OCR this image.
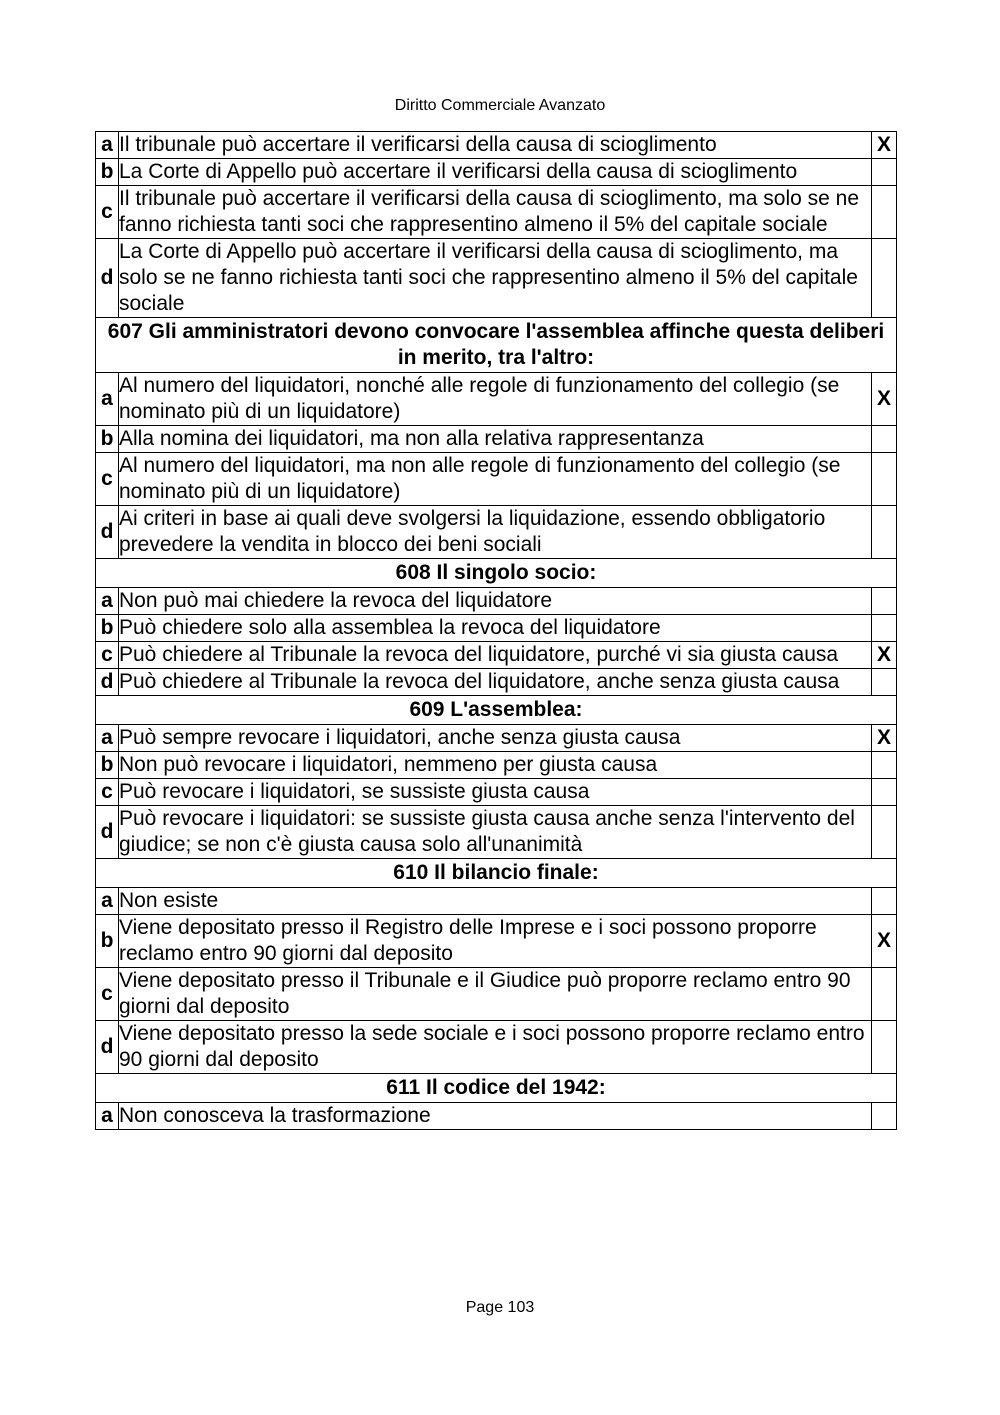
Diritto Commerciale Avanzato
a	Il tribunale può accertare il verificarsi della causa di scioglimento	X
b	La Corte di Appello può accertare il verificarsi della causa di scioglimento	
c	Il tribunale può accertare il verificarsi della causa di scioglimento, ma solo se ne fanno richiesta tanti soci che rappresentino almeno il 5% del capitale sociale	
d	La Corte di Appello può accertare il verificarsi della causa di scioglimento, ma solo se ne fanno richiesta tanti soci che rappresentino almeno il 5% del capitale sociale	
607 Gli amministratori devono convocare l'assemblea affinche questa deliberi in merito, tra l'altro:		
a	Al numero del liquidatori, nonché alle regole di funzionamento del collegio (se nominato più di un liquidatore)	X
b	Alla nomina dei liquidatori, ma non alla relativa rappresentanza	
c	Al numero del liquidatori, ma non alle regole di funzionamento del collegio (se nominato più di un liquidatore)	
d	Ai criteri in base ai quali deve svolgersi la liquidazione, essendo obbligatorio prevedere la vendita in blocco dei beni sociali	
608 Il singolo socio:		
a	Non può mai chiedere la revoca del liquidatore	
b	Può chiedere solo alla assemblea la revoca del liquidatore	
c	Può chiedere al Tribunale la revoca del liquidatore, purché vi sia giusta causa	X
d	Può chiedere al Tribunale la revoca del liquidatore, anche senza giusta causa	
609 L'assemblea:		
a	Può sempre revocare i liquidatori, anche senza giusta causa	X
b	Non può revocare i liquidatori, nemmeno per giusta causa	
c	Può revocare i liquidatori, se sussiste giusta causa	
d	Può revocare i liquidatori: se sussiste giusta causa anche senza l'intervento del giudice; se non c'è giusta causa solo all'unanimità	
610 Il bilancio finale:		
a	Non esiste	
b	Viene depositato presso il Registro delle Imprese e i soci possono proporre reclamo entro 90 giorni dal deposito	X
c	Viene depositato presso il Tribunale e il Giudice può proporre reclamo entro 90 giorni dal deposito	
d	Viene depositato presso la sede sociale e i soci possono proporre reclamo entro 90 giorni dal deposito	
611 Il codice del 1942:		
a	Non conosceva la trasformazione	
Page 103
